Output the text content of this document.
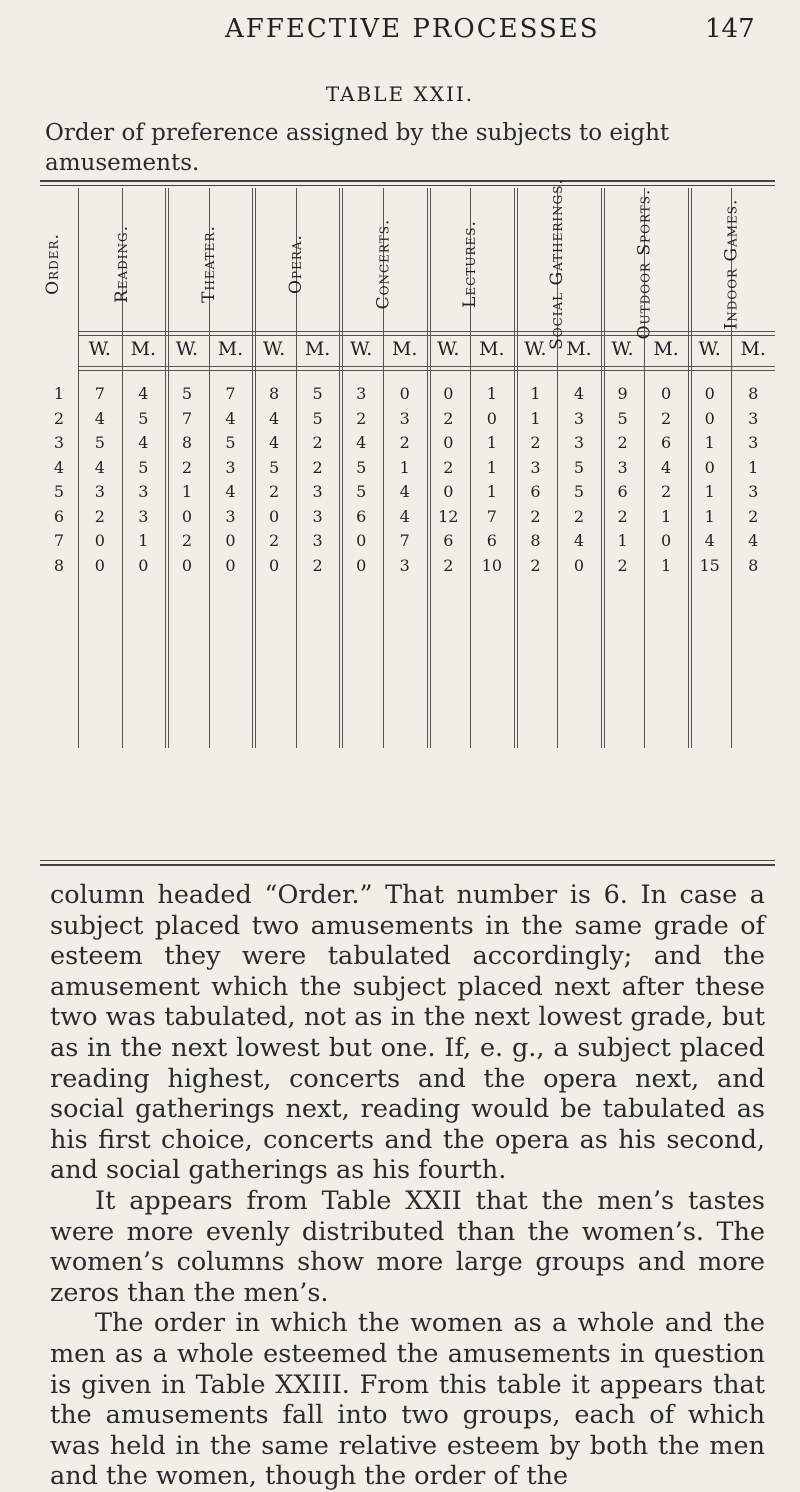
AFFECTIVE PROCESSES	147
TABLE XXII.
Order of preference assigned by the subjects to eight amusements.
Order.	Reading.	Theater.	Opera.	Concerts.	Lectures.	Social Gatherings.	Outdoor Sports.	Indoor Games.
W.	M.	W.	M.	W.	M.	W.	M.	W.	M.	W.	M.	W.	M.	W.	M.
1	7	4	5	7	8	5	3	0	0	1	1	4	9	0	0	8
2	4	5	7	4	4	5	2	3	2	0	1	3	5	2	0	3
3	5	4	8	5	4	2	4	2	0	1	2	3	2	6	1	3
4	4	5	2	3	5	2	5	1	2	1	3	5	3	4	0	1
5	3	3	1	4	2	3	5	4	0	1	6	5	6	2	1	3
6	2	3	0	3	0	3	6	4	12	7	2	2	2	1	1	2
7	0	1	2	0	2	3	0	7	6	6	8	4	1	0	4	4
8	0	0	0	0	0	2	0	3	2	10	2	0	2	1	15	8

column headed “Order.” That number is 6. In case a subject placed two amusements in the same grade of esteem they were tabulated accordingly; and the amusement which the subject placed next after these two was tabulated, not as in the next lowest grade, but as in the next lowest but one. If, e. g., a subject placed reading highest, concerts and the opera next, and social gatherings next, reading would be tabulated as his first choice, concerts and the opera as his second, and social gatherings as his fourth.

It appears from Table XXII that the men’s tastes were more evenly distributed than the women’s. The women’s columns show more large groups and more zeros than the men’s.

The order in which the women as a whole and the men as a whole esteemed the amusements in question is given in Table XXIII. From this table it appears that the amusements fall into two groups, each of which was held in the same relative esteem by both the men and the women, though the order of the
